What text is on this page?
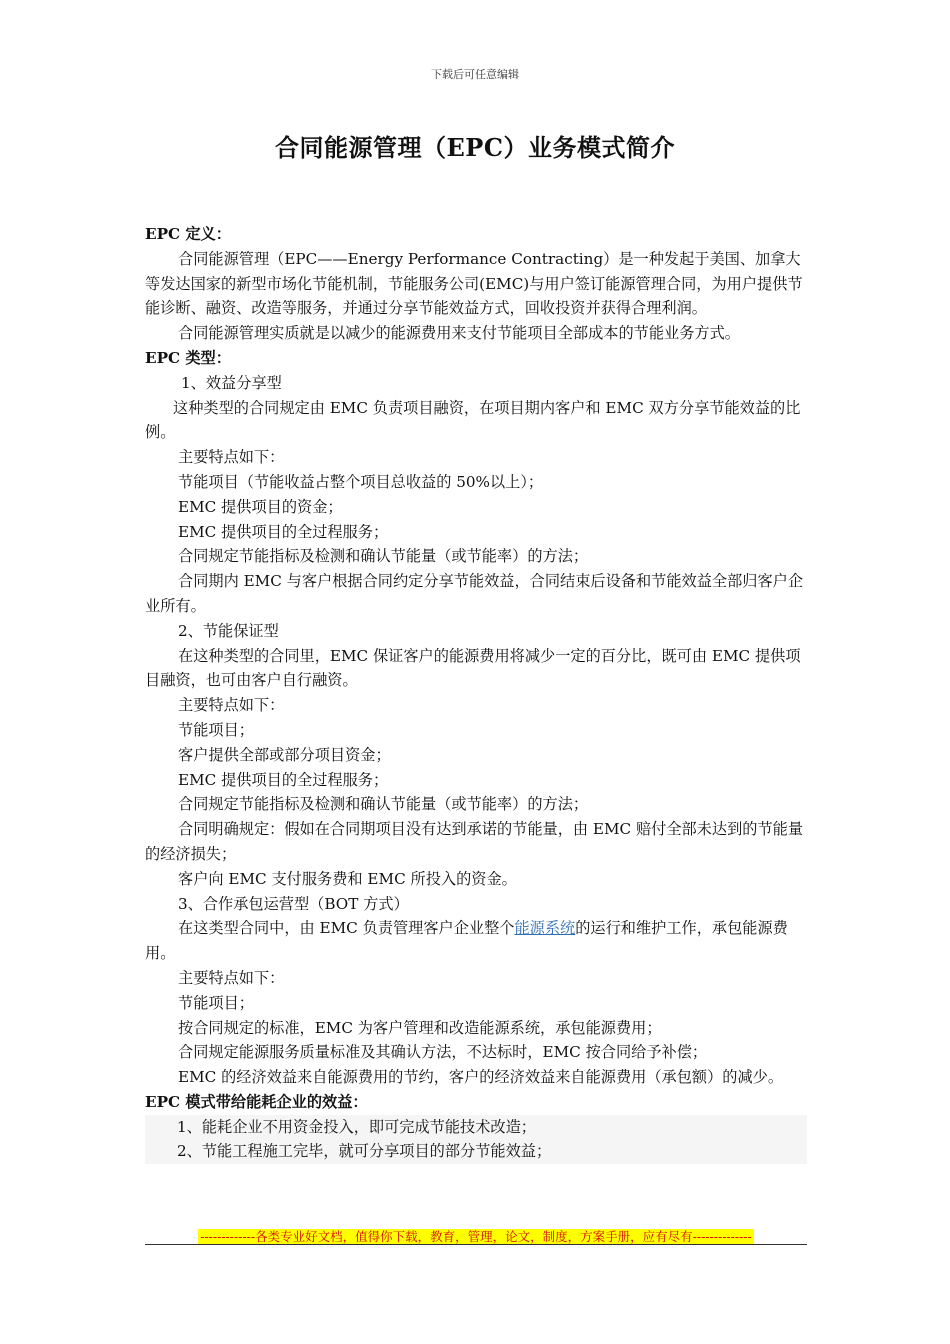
下载后可任意编辑
合同能源管理（EPC）业务模式简介

EPC 定义：

合同能源管理（EPC——Energy Performance Contracting）是一种发起于美国、加拿大等发达国家的新型市场化节能机制，节能服务公司(EMC)与用户签订能源管理合同，为用户提供节能诊断、融资、改造等服务，并通过分享节能效益方式，回收投资并获得合理利润。

合同能源管理实质就是以减少的能源费用来支付节能项目全部成本的节能业务方式。

EPC 类型：

1、效益分享型

这种类型的合同规定由 EMC 负责项目融资，在项目期内客户和 EMC 双方分享节能效益的比例。

主要特点如下：

节能项目（节能收益占整个项目总收益的 50%以上）；

EMC 提供项目的资金；

EMC 提供项目的全过程服务；

合同规定节能指标及检测和确认节能量（或节能率）的方法；

合同期内 EMC 与客户根据合同约定分享节能效益，合同结束后设备和节能效益全部归客户企业所有。

2、节能保证型

在这种类型的合同里，EMC 保证客户的能源费用将减少一定的百分比，既可由 EMC 提供项目融资，也可由客户自行融资。

主要特点如下：

节能项目；

客户提供全部或部分项目资金；

EMC 提供项目的全过程服务；

合同规定节能指标及检测和确认节能量（或节能率）的方法；

合同明确规定：假如在合同期项目没有达到承诺的节能量，由 EMC 赔付全部未达到的节能量的经济损失；

客户向 EMC 支付服务费和 EMC 所投入的资金。

3、合作承包运营型（BOT 方式）

在这类型合同中，由 EMC 负责管理客户企业整个能源系统的运行和维护工作，承包能源费用。

主要特点如下：

节能项目；

按合同规定的标准，EMC 为客户管理和改造能源系统，承包能源费用；

合同规定能源服务质量标准及其确认方法，不达标时，EMC 按合同给予补偿；

EMC 的经济效益来自能源费用的节约，客户的经济效益来自能源费用（承包额）的减少。

EPC 模式带给能耗企业的效益：

1、能耗企业不用资金投入，即可完成节能技术改造；

2、节能工程施工完毕，就可分享项目的部分节能效益；

-------------各类专业好文档，值得你下载，教育，管理，论文，制度，方案手册，应有尽有--------------
